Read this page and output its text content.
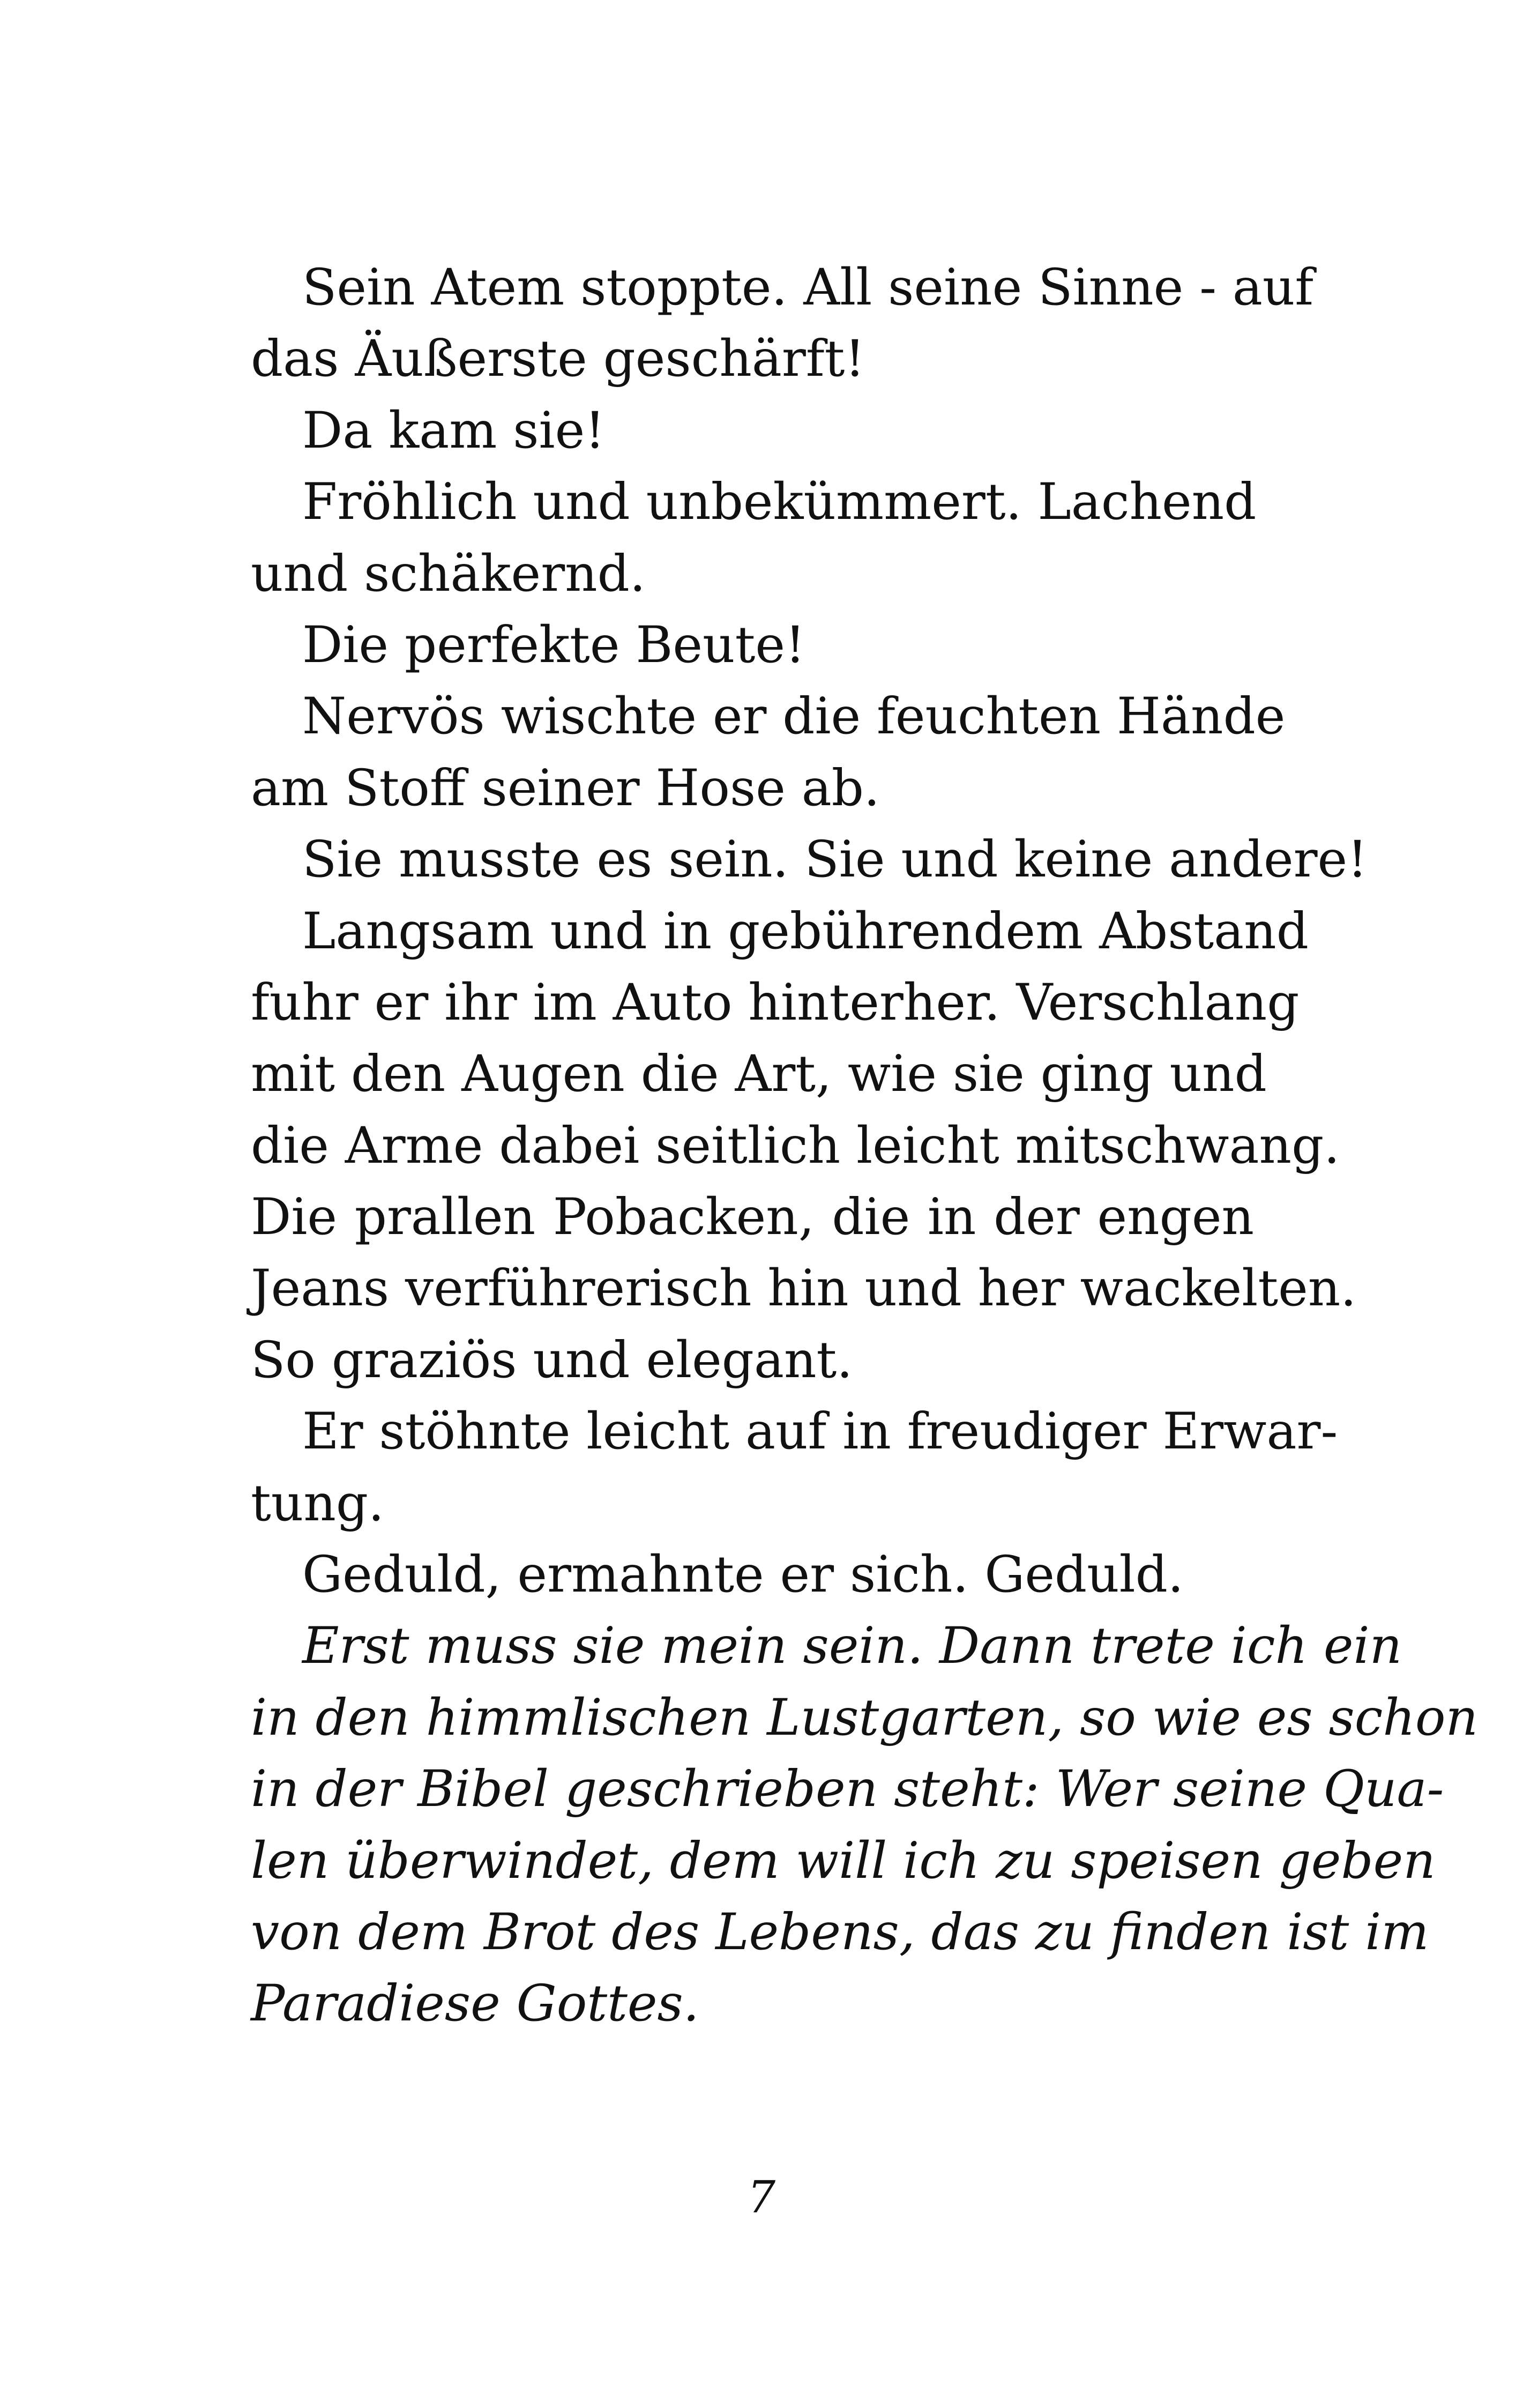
Sein Atem stoppte. All seine Sinne - auf
das Äußerste geschärft!
Da kam sie!
Fröhlich und unbekümmert. Lachend
und schäkernd.
Die perfekte Beute!
Nervös wischte er die feuchten Hände
am Stoff seiner Hose ab.
Sie musste es sein. Sie und keine andere!
Langsam und in gebührendem Abstand
fuhr er ihr im Auto hinterher. Verschlang
mit den Augen die Art, wie sie ging und
die Arme dabei seitlich leicht mitschwang.
Die prallen Pobacken, die in der engen
Jeans verführerisch hin und her wackelten.
So graziös und elegant.
Er stöhnte leicht auf in freudiger Erwar-
tung.
Geduld, ermahnte er sich. Geduld.
Erst muss sie mein sein. Dann trete ich ein
in den himmlischen Lustgarten, so wie es schon
in der Bibel geschrieben steht: Wer seine Qua-
len überwindet, dem will ich zu speisen geben
von dem Brot des Lebens, das zu finden ist im
Paradiese Gottes.
7
